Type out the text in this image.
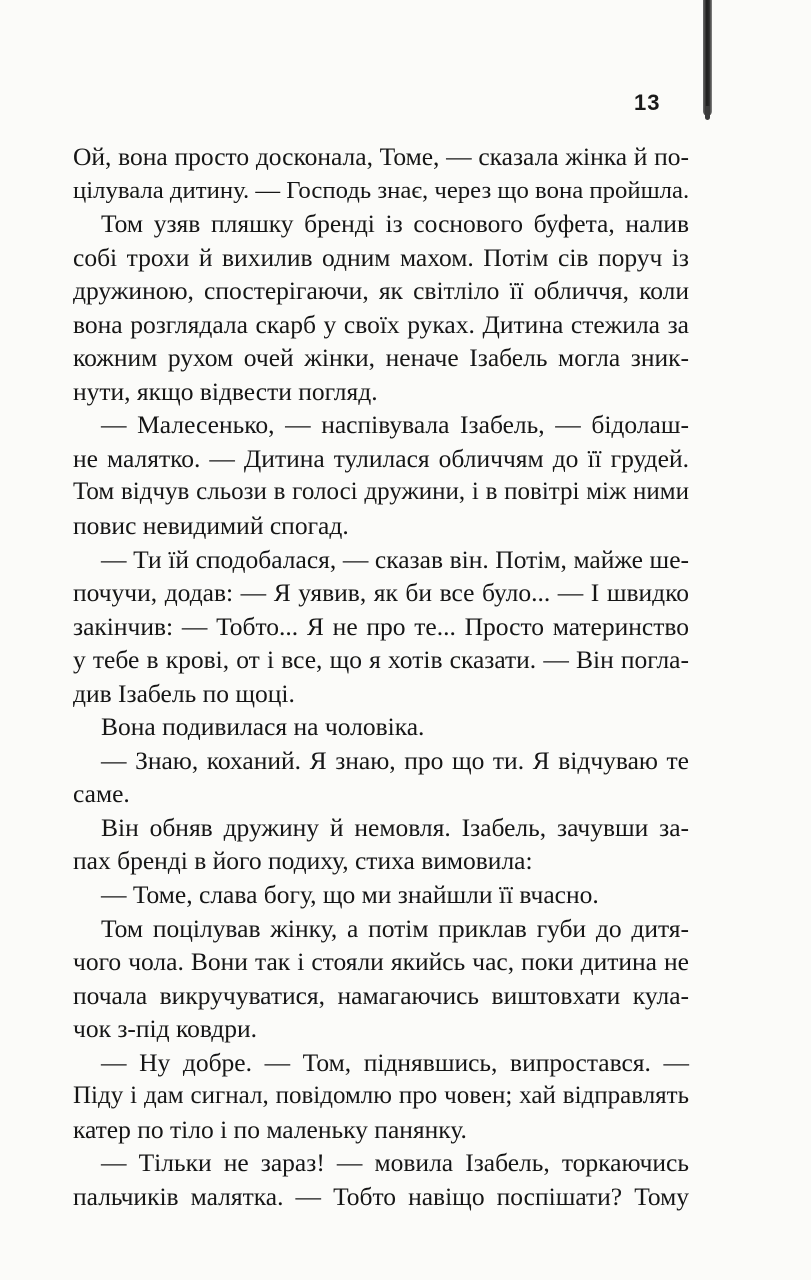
13
Ой, вона просто досконала, Томе, — сказала жінка й по-
цілувала дитину. — Господь знає, через що вона пройшла.
Том узяв пляшку бренді із соснового буфета, налив
собі трохи й вихилив одним махом. Потім сів поруч із
дружиною, спостерігаючи, як світліло її обличчя, коли
вона розглядала скарб у своїх руках. Дитина стежила за
кожним рухом очей жінки, неначе Ізабель могла зник-
нути, якщо відвести погляд.
— Малесенько, — наспівувала Ізабель, — бідолаш-
не малятко. — Дитина тулилася обличчям до її грудей.
Том відчув сльози в голосі дружини, і в повітрі між ними
повис невидимий спогад.
— Ти їй сподобалася, — сказав він. Потім, майже ше-
почучи, додав: — Я уявив, як би все було... — І швидко
закінчив: — Тобто... Я не про те... Просто материнство
у тебе в крові, от і все, що я хотів сказати. — Він погла-
див Ізабель по щоці.
Вона подивилася на чоловіка.
— Знаю, коханий. Я знаю, про що ти. Я відчуваю те
саме.
Він обняв дружину й немовля. Ізабель, зачувши за-
пах бренді в його подиху, стиха вимовила:
— Томе, слава богу, що ми знайшли її вчасно.
Том поцілував жінку, а потім приклав губи до дитя-
чого чола. Вони так і стояли якийсь час, поки дитина не
почала викручуватися, намагаючись виштовхати кула-
чок з-під ковдри.
— Ну добре. — Том, піднявшись, випростався. —
Піду і дам сигнал, повідомлю про човен; хай відправлять
катер по тіло і по маленьку панянку.
— Тільки не зараз! — мовила Ізабель, торкаючись
пальчиків малятка. — Тобто навіщо поспішати? Тому
